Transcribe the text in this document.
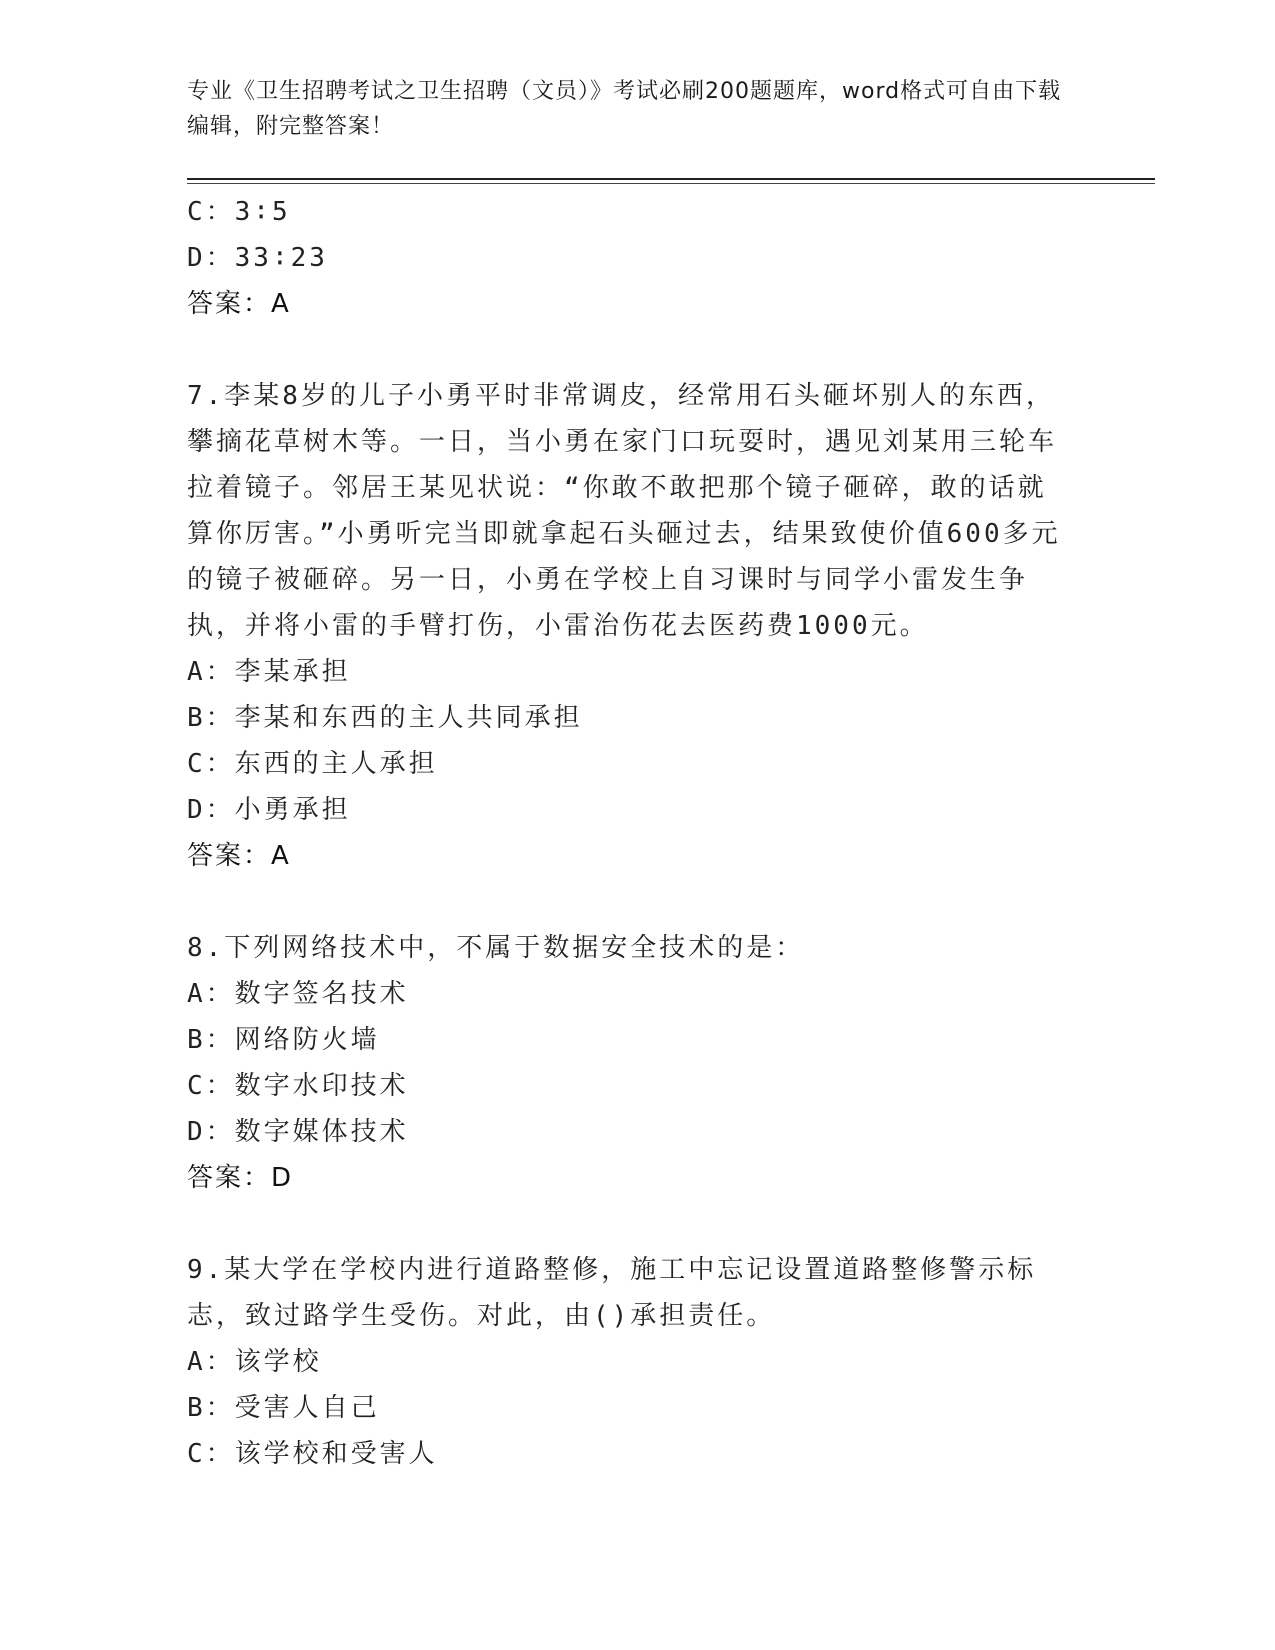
专业《卫生招聘考试之卫生招聘（文员）》考试必刷200题题库，word格式可自由下载编辑，附完整答案！
C：3∶5
D：33∶23
答案：A
7.李某8岁的儿子小勇平时非常调皮，经常用石头砸坏别人的东西，攀摘花草树木等。一日，当小勇在家门口玩耍时，遇见刘某用三轮车拉着镜子。邻居王某见状说：“你敢不敢把那个镜子砸碎，敢的话就算你厉害。”小勇听完当即就拿起石头砸过去，结果致使价值600多元的镜子被砸碎。另一日，小勇在学校上自习课时与同学小雷发生争执，并将小雷的手臂打伤，小雷治伤花去医药费1000元。
A：李某承担
B：李某和东西的主人共同承担
C：东西的主人承担
D：小勇承担
答案：A
8.下列网络技术中，不属于数据安全技术的是：
A：数字签名技术
B：网络防火墙
C：数字水印技术
D：数字媒体技术
答案：D
9.某大学在学校内进行道路整修，施工中忘记设置道路整修警示标志，致过路学生受伤。对此，由()承担责任。
A：该学校
B：受害人自己
C：该学校和受害人
